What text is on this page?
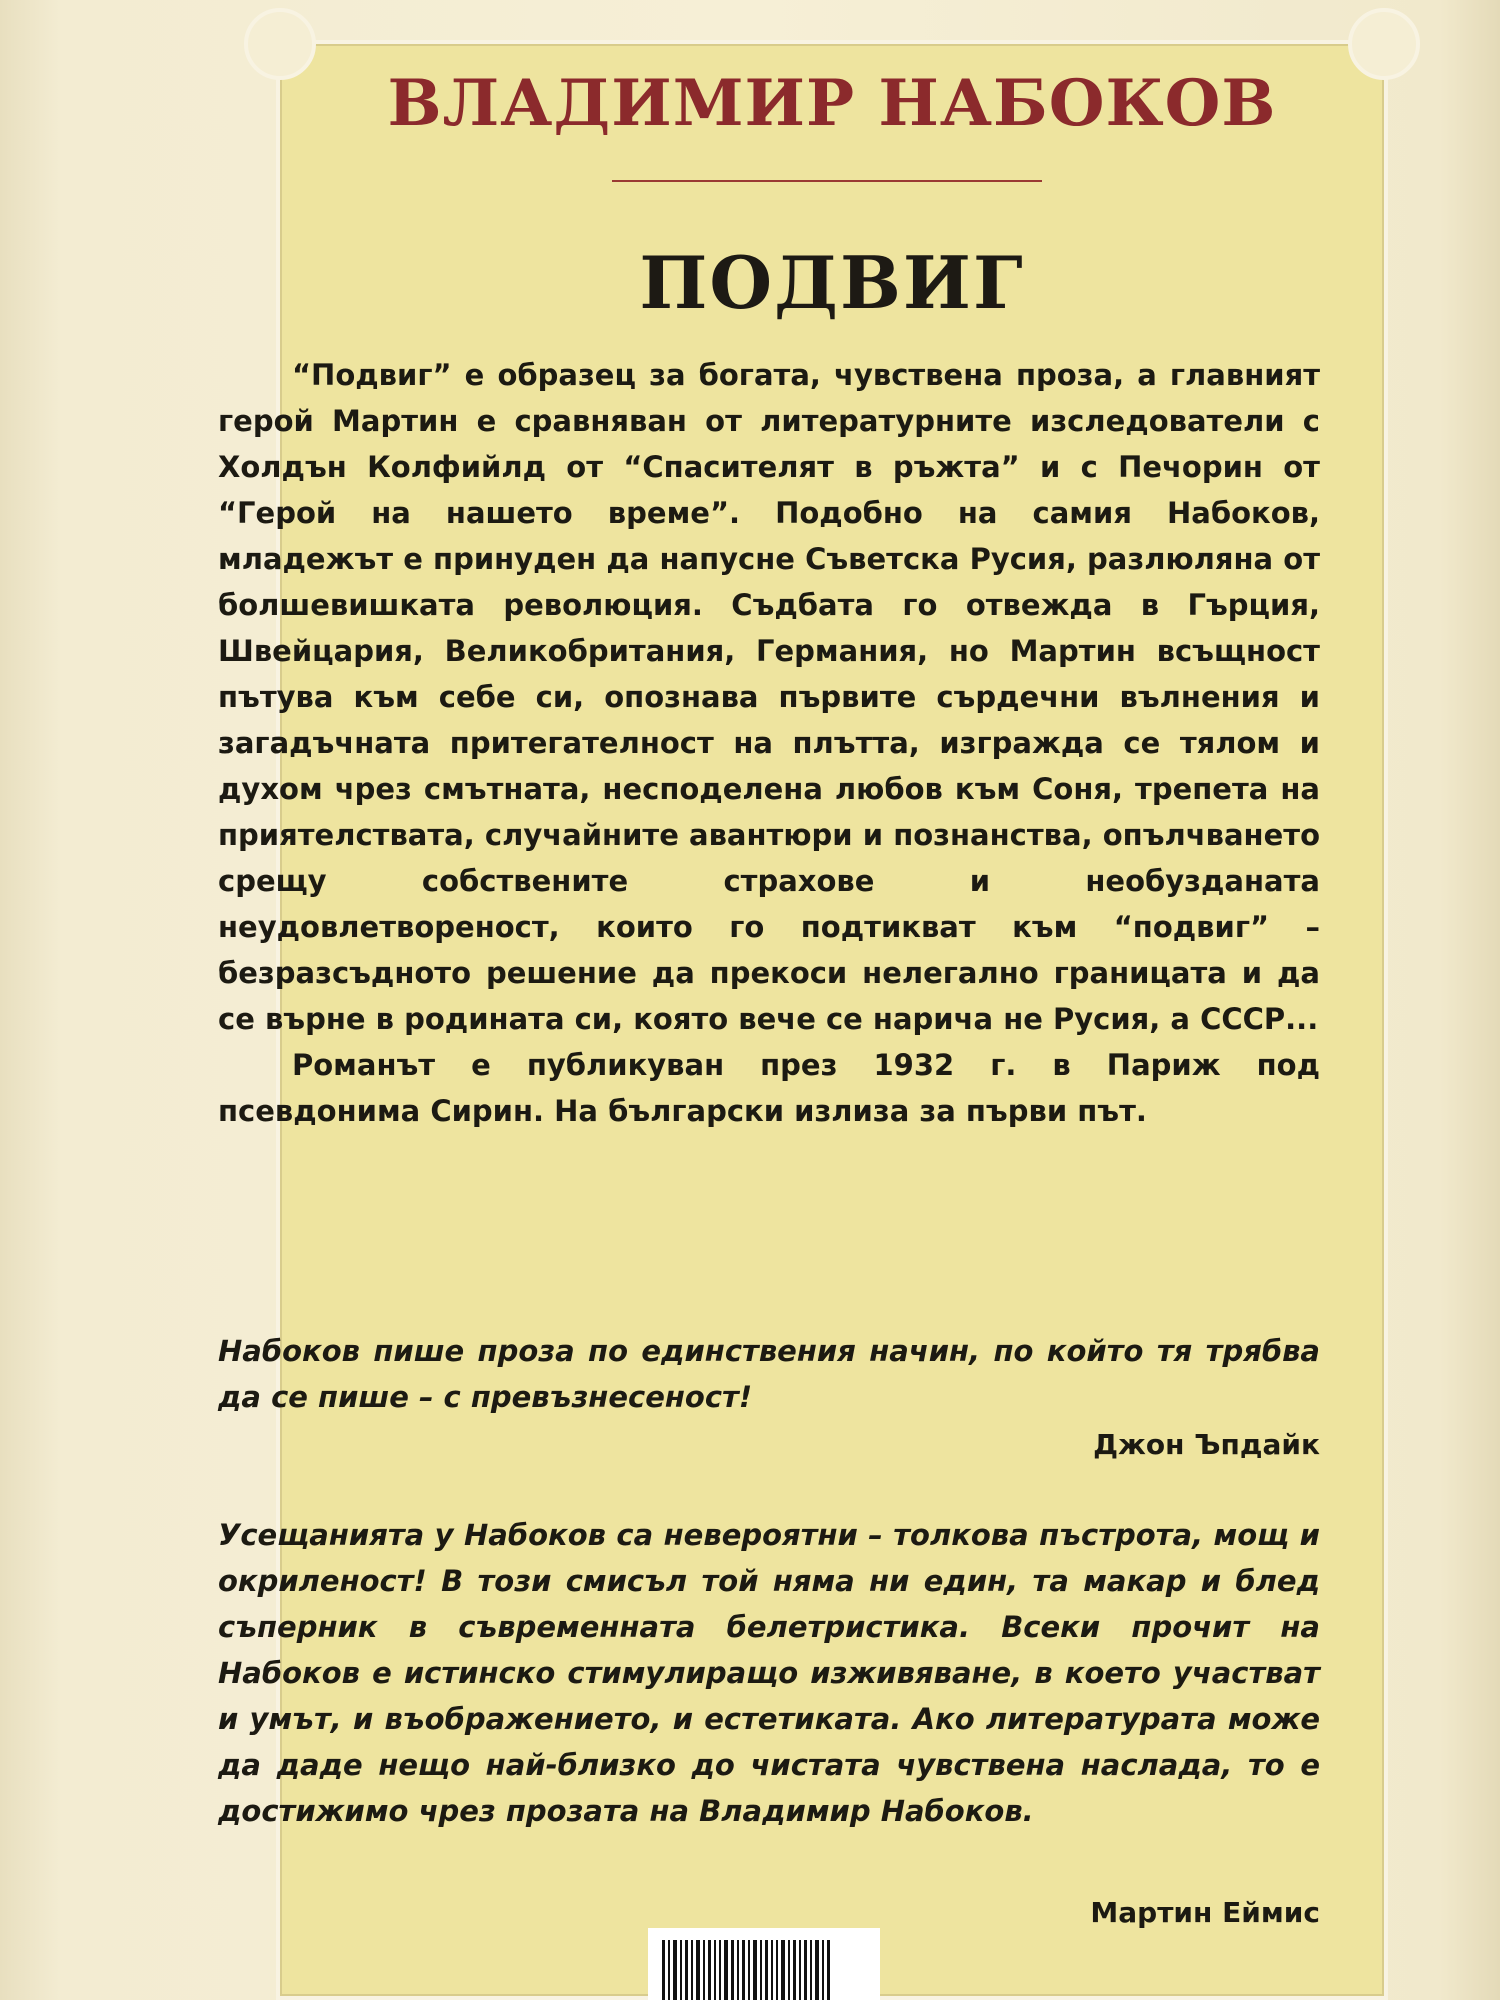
ВЛАДИМИР НАБОКОВ
ПОДВИГ

“Подвиг” е образец за богата, чувствена проза, а главният герой Мартин е сравняван от литературните изследователи с Холдън Колфийлд от “Спасителят в ръжта” и с Печорин от “Герой на нашето време”. Подобно на самия Набоков, младежът е принуден да напусне Съветска Русия, разлюляна от болшевишката революция. Съдбата го отвежда в Гърция, Швейцария, Великобритания, Германия, но Мартин всъщност пътува към себе си, опознава първите сърдечни вълнения и загадъчната притегателност на плътта, изгражда се тялом и духом чрез смътната, несподелена любов към Соня, трепета на приятелствата, случайните авантюри и познанства, опълчването срещу собствените страхове и необузданата неудовлетвореност, които го подтикват към “подвиг” – безразсъдното решение да прекоси нелегално границата и да се върне в родината си, която вече се нарича не Русия, а СССР...

Романът е публикуван през 1932 г. в Париж под псевдонима Сирин. На български излиза за първи път.

Набоков пише проза по единствения начин, по който тя трябва да се пише – с превъзнесеност!

Джон Ъпдайк

Усещанията у Набоков са невероятни – толкова пъстрота, мощ и окриленост! В този смисъл той няма ни един, та макар и блед съперник в съвременната белетристика. Всеки прочит на Набоков е истинско стимулиращо изживяване, в което участват и умът, и въображението, и естетиката. Ако литературата може да даде нещо най-близко до чистата чувствена наслада, то е достижимо чрез прозата на Владимир Набоков.

Мартин Еймис
